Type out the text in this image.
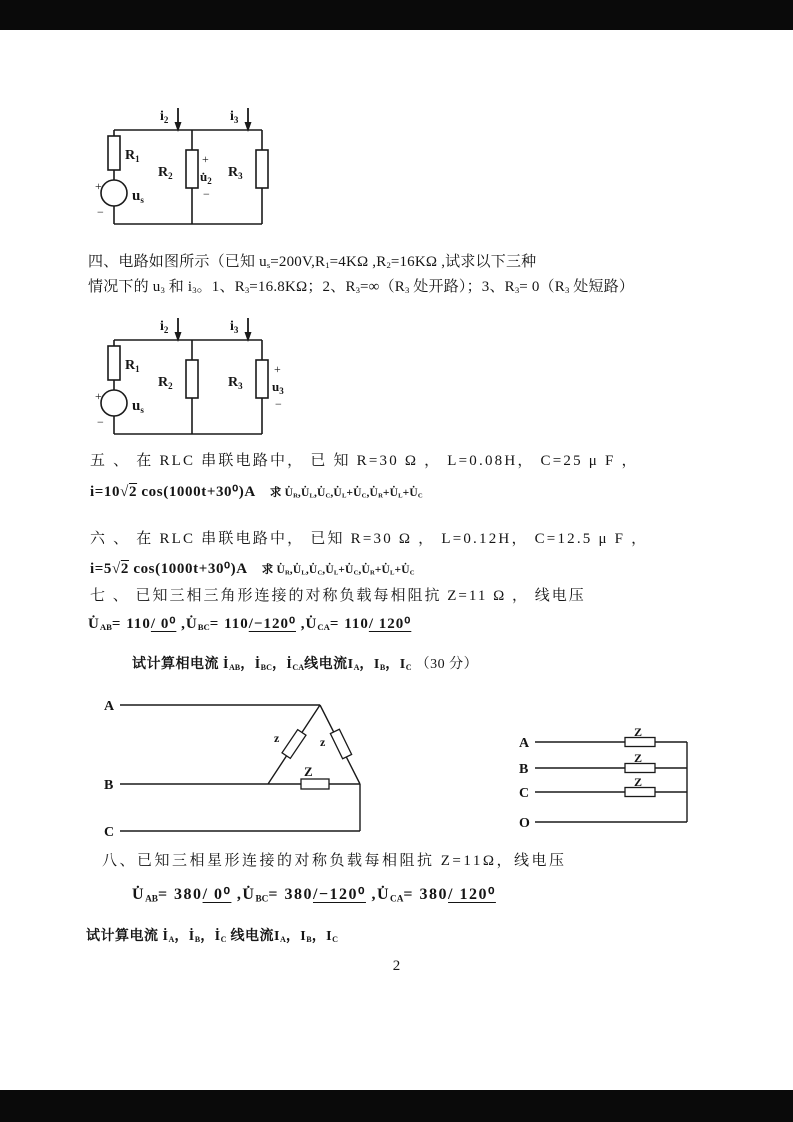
$i_2$	$i_3$
$R_1$
$R_2$	$R_3$
+
−
$u_s$
+
$u̇_2$
−
四、电路如图所示（已知 us=200V,R1=4KΩ ,R2=16KΩ ,试求以下三种
情况下的 u3 和 i3。1、R3=16.8KΩ；2、R3=∞（R3 处开路）；3、R3= 0（R3 处短路）
$i_2$	$i_3$
$R_1$
$R_2$	$R_3$
+
−
$u_s$
+
$u_3$
−
五 、 在 RLC 串联电路中， 已 知 R=30 Ω ， L=0.08H， C=25 μ F ，
i=10√2 cos(1000t+30⁰)A 求 U̇R,U̇L,U̇C,U̇L+U̇C,U̇R+U̇L+U̇C
六 、 在 RLC 串联电路中， 已知 R=30 Ω ， L=0.12H， C=12.5 μ F ，
i=5√2 cos(1000t+30⁰)A 求 U̇R,U̇L,U̇C,U̇L+U̇C,U̇R+U̇L+U̇C
七 、 已知三相三角形连接的对称负载每相阻抗 Z=11 Ω ， 线电压
U̇AB= 110/ 0⁰ ,U̇BC= 110/−120⁰ ,U̇CA= 110/ 120⁰
试计算相电流 İAB，İBC，İCA线电流IA，IB，IC （30 分）
A
B
C
z	z
Z
A
B
C
O
Z
Z
Z
八、已知三相星形连接的对称负载每相阻抗 Z=11Ω，线电压
U̇AB= 380/ 0⁰ ,U̇BC= 380/−120⁰ ,U̇CA= 380/ 120⁰
试计算电流 İA，İB，İC 线电流IA，IB，IC
2
